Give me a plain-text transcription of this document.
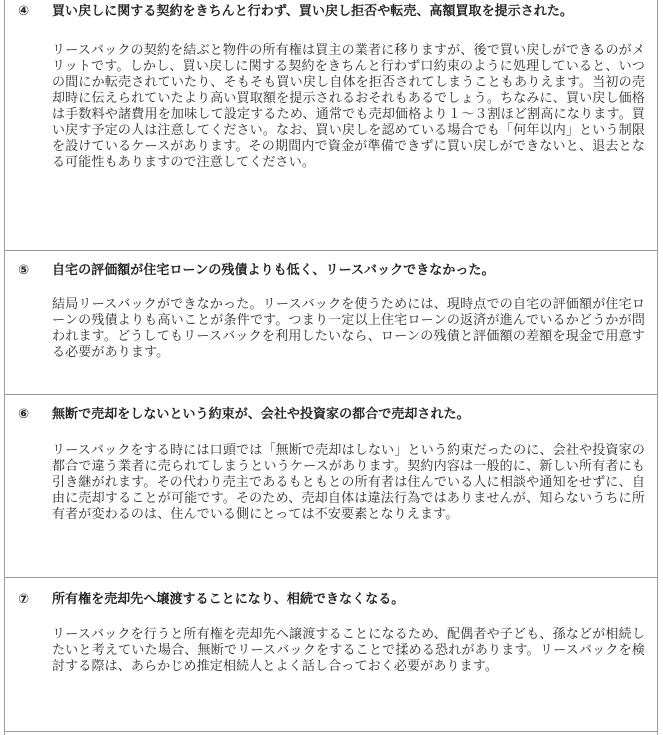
④	買い戻しに関する契約をきちんと行わず、買い戻し拒否や転売、高額買取を提示された。

リースバックの契約を結ぶと物件の所有権は買主の業者に移りますが、後で買い戻しができるのがメリットです。しかし、買い戻しに関する契約をきちんと行わず口約束のように処理していると、いつの間にか転売されていたり、そもそも買い戻し自体を拒否されてしまうこともありえます。当初の売却時に伝えられていたより高い買取額を提示されるおそれもあるでしょう。ちなみに、買い戻し価格は手数料や諸費用を加味して設定するため、通常でも売却価格より１～３割ほど割高になります。買い戻す予定の人は注意してください。なお、買い戻しを認めている場合でも「何年以内」という制限を設けているケースがあります。その期間内で資金が準備できずに買い戻しができないと、退去となる可能性もありますので注意してください。

⑤	自宅の評価額が住宅ローンの残債よりも低く、リースバックできなかった。

結局リースバックができなかった。リースバックを使うためには、現時点での自宅の評価額が住宅ローンの残債よりも高いことが条件です。つまり一定以上住宅ローンの返済が進んでいるかどうかが問われます。どうしてもリースバックを利用したいなら、ローンの残債と評価額の差額を現金で用意する必要があります。

⑥	無断で売却をしないという約束が、会社や投資家の都合で売却された。

リースバックをする時には口頭では「無断で売却はしない」という約束だったのに、会社や投資家の都合で違う業者に売られてしまうというケースがあります。契約内容は一般的に、新しい所有者にも引き継がれます。その代わり売主であるもともとの所有者は住んでいる人に相談や通知をせずに、自由に売却することが可能です。そのため、売却自体は違法行為ではありませんが、知らないうちに所有者が変わるのは、住んでいる側にとっては不安要素となりえます。

⑦	所有権を売却先へ壌渡することになり、相続できなくなる。

リースバックを行うと所有権を売却先へ譲渡することになるため、配偶者や子ども、孫などが相続したいと考えていた場合、無断でリースバックをすることで揉める恐れがあります。リースバックを検討する際は、あらかじめ推定相続人とよく話し合っておく必要があります。
